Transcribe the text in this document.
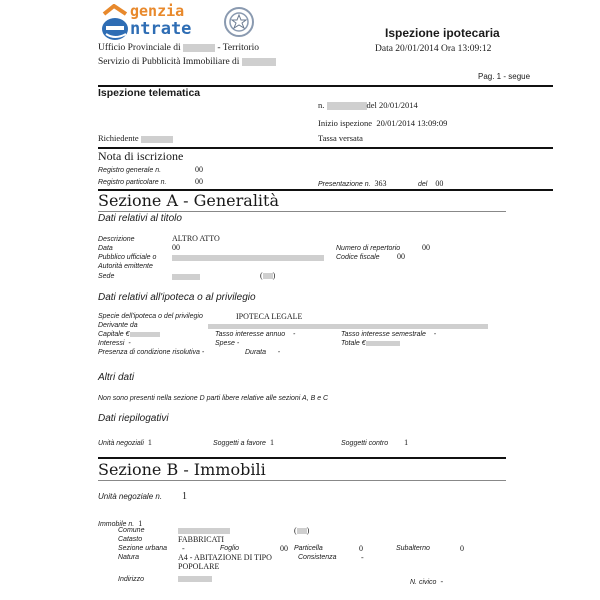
genzia
ntrate
Ufficio Provinciale di	- Territorio
Servizio di Pubblicità Immobiliare di
Ispezione ipotecaria
Data 20/01/2014 Ora 13:09:12
Pag. 1 - segue
Ispezione telematica
n.	del 20/01/2014
Inizio ispezione 20/01/2014 13:09:09
Richiedente	Tassa versata
Nota di iscrizione
Registro generale n.	00
Registro particolare n.	00	Presentazione n. 363	del 00
Sezione A - Generalità
Dati relativi al titolo
Descrizione	ALTRO ATTO
Data	00	Numero di repertorio	00
Pubblico ufficiale o	Codice fiscale 00
Autorità emittente
Sede	( )
Dati relativi all'ipoteca o al privilegio
Specie dell'ipoteca o del privilegio	IPOTECA LEGALE
Derivante da
Capitale €	Tasso interesse annuo -	Tasso interesse semestrale -
Interessi -	Spese -	Totale €
Presenza di condizione risolutiva -	Durata -
Altri dati
Non sono presenti nella sezione D parti libere relative alle sezioni A, B e C
Dati riepilogativi
Unità negoziali 1	Soggetti a favore 1	Soggetti contro 1
Sezione B - Immobili
Unità negoziale n. 1
Immobile n. 1
Comune	( )
Catasto	FABBRICATI
Sezione urbana -	Foglio	00 Particella	0	Subalterno	0
Natura	A4 - ABITAZIONE DI TIPO
POPOLARE
Consistenza	-
Indirizzo	N. civico -
